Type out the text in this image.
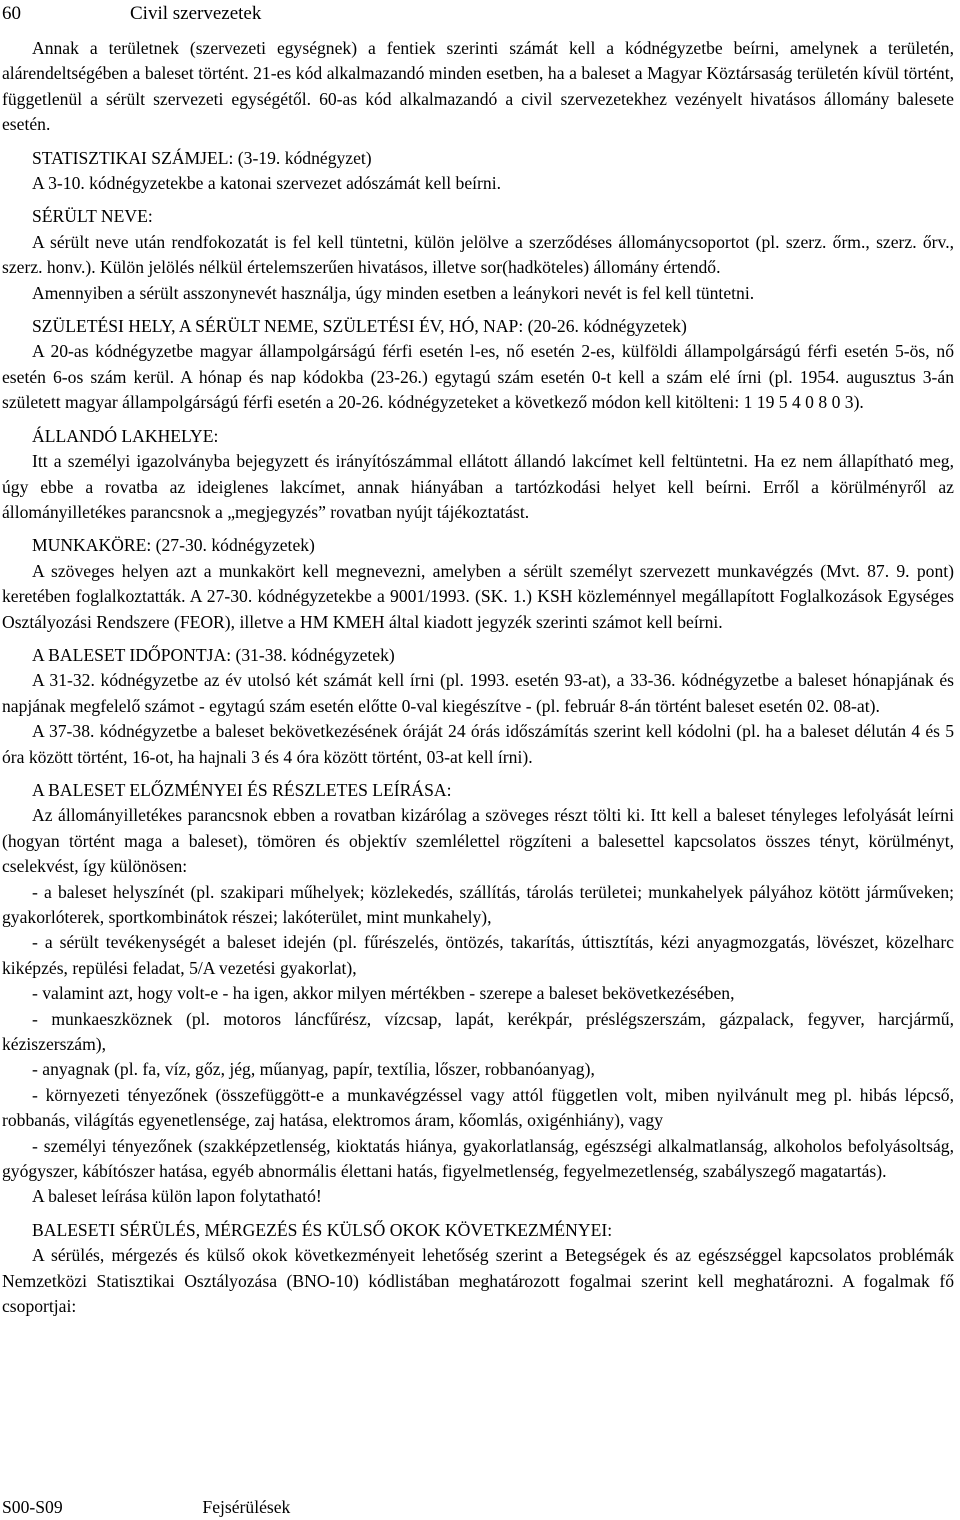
60	Civil szervezetek

Annak a területnek (szervezeti egységnek) a fentiek szerinti számát kell a kódnégyzetbe beírni, amelynek a területén, alárendeltségében a baleset történt. 21-es kód alkalmazandó minden esetben, ha a baleset a Magyar Köztársaság területén kívül történt, függetlenül a sérült szervezeti egységétől. 60-as kód alkalmazandó a civil szervezetekhez vezényelt hivatásos állomány balesete esetén.

STATISZTIKAI SZÁMJEL: (3-19. kódnégyzet)

A 3-10. kódnégyzetekbe a katonai szervezet adószámát kell beírni.

SÉRÜLT NEVE:

A sérült neve után rendfokozatát is fel kell tüntetni, külön jelölve a szerződéses állománycsoportot (pl. szerz. őrm., szerz. őrv., szerz. honv.). Külön jelölés nélkül értelemszerűen hivatásos, illetve sor(hadköteles) állomány értendő.

Amennyiben a sérült asszonynevét használja, úgy minden esetben a leánykori nevét is fel kell tüntetni.

SZÜLETÉSI HELY, A SÉRÜLT NEME, SZÜLETÉSI ÉV, HÓ, NAP: (20-26. kódnégyzetek)

A 20-as kódnégyzetbe magyar állampolgárságú férfi esetén l-es, nő esetén 2-es, külföldi állampolgárságú férfi esetén 5-ös, nő esetén 6-os szám kerül. A hónap és nap kódokba (23-26.) egytagú szám esetén 0-t kell a szám elé írni (pl. 1954. augusztus 3-án született magyar állampolgárságú férfi esetén a 20-26. kódnégyzeteket a következő módon kell kitölteni: 1 19 5 4 0 8 0 3).

ÁLLANDÓ LAKHELYE:

Itt a személyi igazolványba bejegyzett és irányítószámmal ellátott állandó lakcímet kell feltüntetni. Ha ez nem állapítható meg, úgy ebbe a rovatba az ideiglenes lakcímet, annak hiányában a tartózkodási helyet kell beírni. Erről a körülményről az állományilletékes parancsnok a „megjegyzés” rovatban nyújt tájékoztatást.

MUNKAKÖRE: (27-30. kódnégyzetek)

A szöveges helyen azt a munkakört kell megnevezni, amelyben a sérült személyt szervezett munkavégzés (Mvt. 87. 9. pont) keretében foglalkoztatták. A 27-30. kódnégyzetekbe a 9001/1993. (SK. 1.) KSH közleménnyel megállapított Foglalkozások Egységes Osztályozási Rendszere (FEOR), illetve a HM KMEH által kiadott jegyzék szerinti számot kell beírni.

A BALESET IDŐPONTJA: (31-38. kódnégyzetek)

A 31-32. kódnégyzetbe az év utolsó két számát kell írni (pl. 1993. esetén 93-at), a 33-36. kódnégyzetbe a baleset hónapjának és napjának megfelelő számot - egytagú szám esetén előtte 0-val kiegészítve - (pl. február 8-án történt baleset esetén 02. 08-at).

A 37-38. kódnégyzetbe a baleset bekövetkezésének óráját 24 órás időszámítás szerint kell kódolni (pl. ha a baleset délután 4 és 5 óra között történt, 16-ot, ha hajnali 3 és 4 óra között történt, 03-at kell írni).

A BALESET ELŐZMÉNYEI ÉS RÉSZLETES LEÍRÁSA:

Az állományilletékes parancsnok ebben a rovatban kizárólag a szöveges részt tölti ki. Itt kell a baleset tényleges lefolyását leírni (hogyan történt maga a baleset), tömören és objektív szemlélettel rögzíteni a balesettel kapcsolatos összes tényt, körülményt, cselekvést, így különösen:

- a baleset helyszínét (pl. szakipari műhelyek; közlekedés, szállítás, tárolás területei; munkahelyek pályához kötött járműveken; gyakorlóterek, sportkombinátok részei; lakóterület, mint munkahely),

- a sérült tevékenységét a baleset idején (pl. fűrészelés, öntözés, takarítás, úttisztítás, kézi anyagmozgatás, lövészet, közelharc kiképzés, repülési feladat, 5/A vezetési gyakorlat),

- valamint azt, hogy volt-e - ha igen, akkor milyen mértékben - szerepe a baleset bekövetkezésében,

- munkaeszköznek (pl. motoros láncfűrész, vízcsap, lapát, kerékpár, préslégszerszám, gázpalack, fegyver, harcjármű, kéziszerszám),

- anyagnak (pl. fa, víz, gőz, jég, műanyag, papír, textília, lőszer, robbanóanyag),

- környezeti tényezőnek (összefüggött-e a munkavégzéssel vagy attól független volt, miben nyilvánult meg pl. hibás lépcső, robbanás, világítás egyenetlensége, zaj hatása, elektromos áram, kőomlás, oxigénhiány), vagy

- személyi tényezőnek (szakképzetlenség, kioktatás hiánya, gyakorlatlanság, egészségi alkalmatlanság, alkoholos befolyásoltság, gyógyszer, kábítószer hatása, egyéb abnormális élettani hatás, figyelmetlenség, fegyelmezetlenség, szabályszegő magatartás).

A baleset leírása külön lapon folytatható!

BALESETI SÉRÜLÉS, MÉRGEZÉS ÉS KÜLSŐ OKOK KÖVETKEZMÉNYEI:

A sérülés, mérgezés és külső okok következményeit lehetőség szerint a Betegségek és az egészséggel kapcsolatos problémák Nemzetközi Statisztikai Osztályozása (BNO-10) kódlistában meghatározott fogalmai szerint kell meghatározni. A fogalmak fő csoportjai:

S00-S09	Fejsérülések
